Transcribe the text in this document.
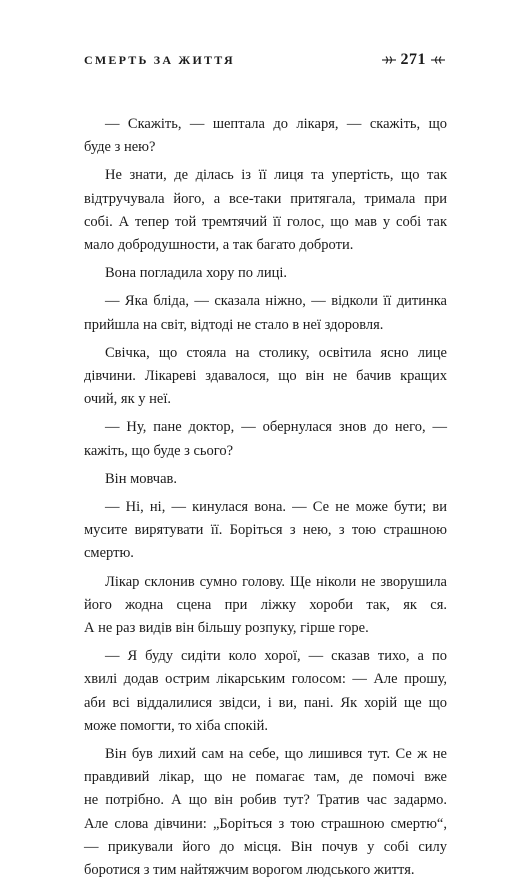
СМЕРТЬ ЗА ЖИТТЯ	271

— Скажіть, — шептала до лікаря, — скажіть, що
буде з нею?

Не знати, де ділась із її лиця та упертість, що так
відтручувала його, а все-таки притягала, тримала при
собі. А тепер той тремтячий її голос, що мав у собі так
мало добродушности, а так багато доброти.

Вона погладила хору по лиці.

— Яка бліда, — сказала ніжно, — відколи її дитинка
прийшла на світ, відтоді не стало в неї здоровля.

Свічка, що стояла на столику, освітила ясно лице
дівчини. Лікареві здавалося, що він не бачив кращих
очий, як у неї.

— Ну, пане доктор, — обернулася знов до него, —
кажіть, що буде з сього?

Він мовчав.

— Ні, ні, — кинулася вона. — Се не може бути; ви
мусите вирятувати її. Боріться з нею, з тою страшною
смертю.

Лікар склонив сумно голову. Ще ніколи не зворушила
його жодна сцена при ліжку хороби так, як ся.
А не раз видів він більшу розпуку, гірше горе.

— Я буду сидіти коло хорої, — сказав тихо, а по
хвилі додав острим лікарським голосом: — Але прошу,
аби всі віддалилися звідси, і ви, пані. Як хорій ще що
може помогти, то хіба спокій.

Він був лихий сам на себе, що лишився тут. Се ж не
правдивий лікар, що не помагає там, де помочі вже
не потрібно. А що він робив тут? Тратив час задармо.
Але слова дівчини: „Боріться з тою страшною смертю“, — прикували його до місця. Він почув у собі силу
боротися з тим найтяжчим ворогом людського життя.
